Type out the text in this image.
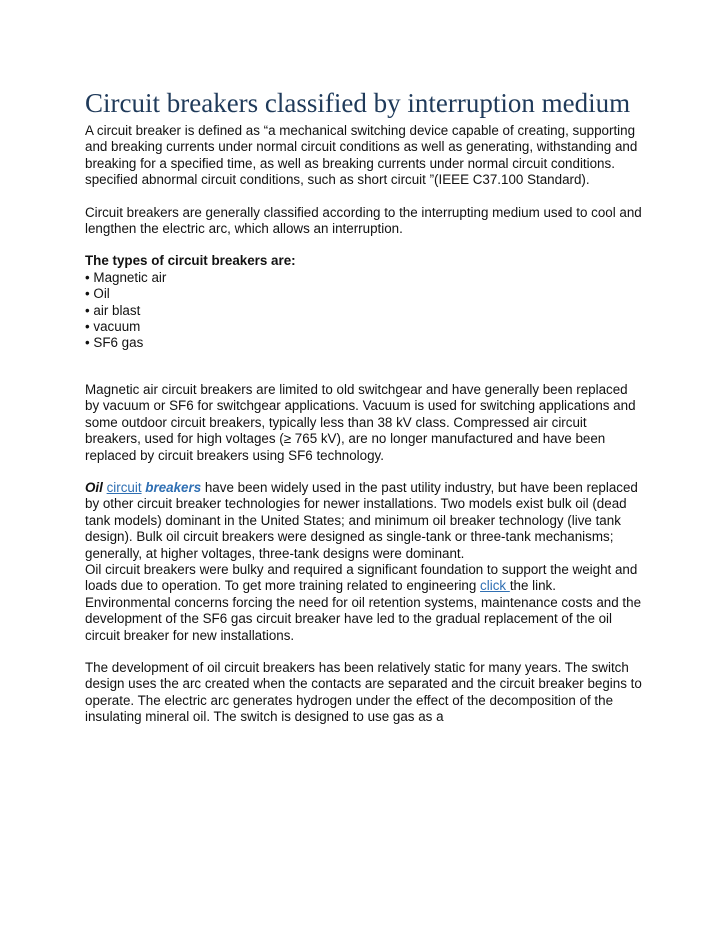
Circuit breakers classified by interruption medium

A circuit breaker is defined as “a mechanical switching device capable of creating, supporting and breaking currents under normal circuit conditions as well as generating, withstanding and breaking for a specified time, as well as breaking currents under normal circuit conditions. specified abnormal circuit conditions, such as short circuit ”(IEEE C37.100 Standard).

Circuit breakers are generally classified according to the interrupting medium used to cool and lengthen the electric arc, which allows an interruption.

The types of circuit breakers are:

• Magnetic air
• Oil
• air blast
• vacuum
• SF6 gas

Magnetic air circuit breakers are limited to old switchgear and have generally been replaced by vacuum or SF6 for switchgear applications. Vacuum is used for switching applications and some outdoor circuit breakers, typically less than 38 kV class. Compressed air circuit breakers, used for high voltages (≥ 765 kV), are no longer manufactured and have been replaced by circuit breakers using SF6 technology.

Oil circuit breakers have been widely used in the past utility industry, but have been replaced by other circuit breaker technologies for newer installations. Two models exist bulk oil (dead tank models) dominant in the United States; and minimum oil breaker technology (live tank design). Bulk oil circuit breakers were designed as single-tank or three-tank mechanisms; generally, at higher voltages, three-tank designs were dominant.

Oil circuit breakers were bulky and required a significant foundation to support the weight and loads due to operation. To get more training related to engineering click the link.

Environmental concerns forcing the need for oil retention systems, maintenance costs and the development of the SF6 gas circuit breaker have led to the gradual replacement of the oil circuit breaker for new installations.

The development of oil circuit breakers has been relatively static for many years. The switch design uses the arc created when the contacts are separated and the circuit breaker begins to operate. The electric arc generates hydrogen under the effect of the decomposition of the insulating mineral oil. The switch is designed to use gas as a
